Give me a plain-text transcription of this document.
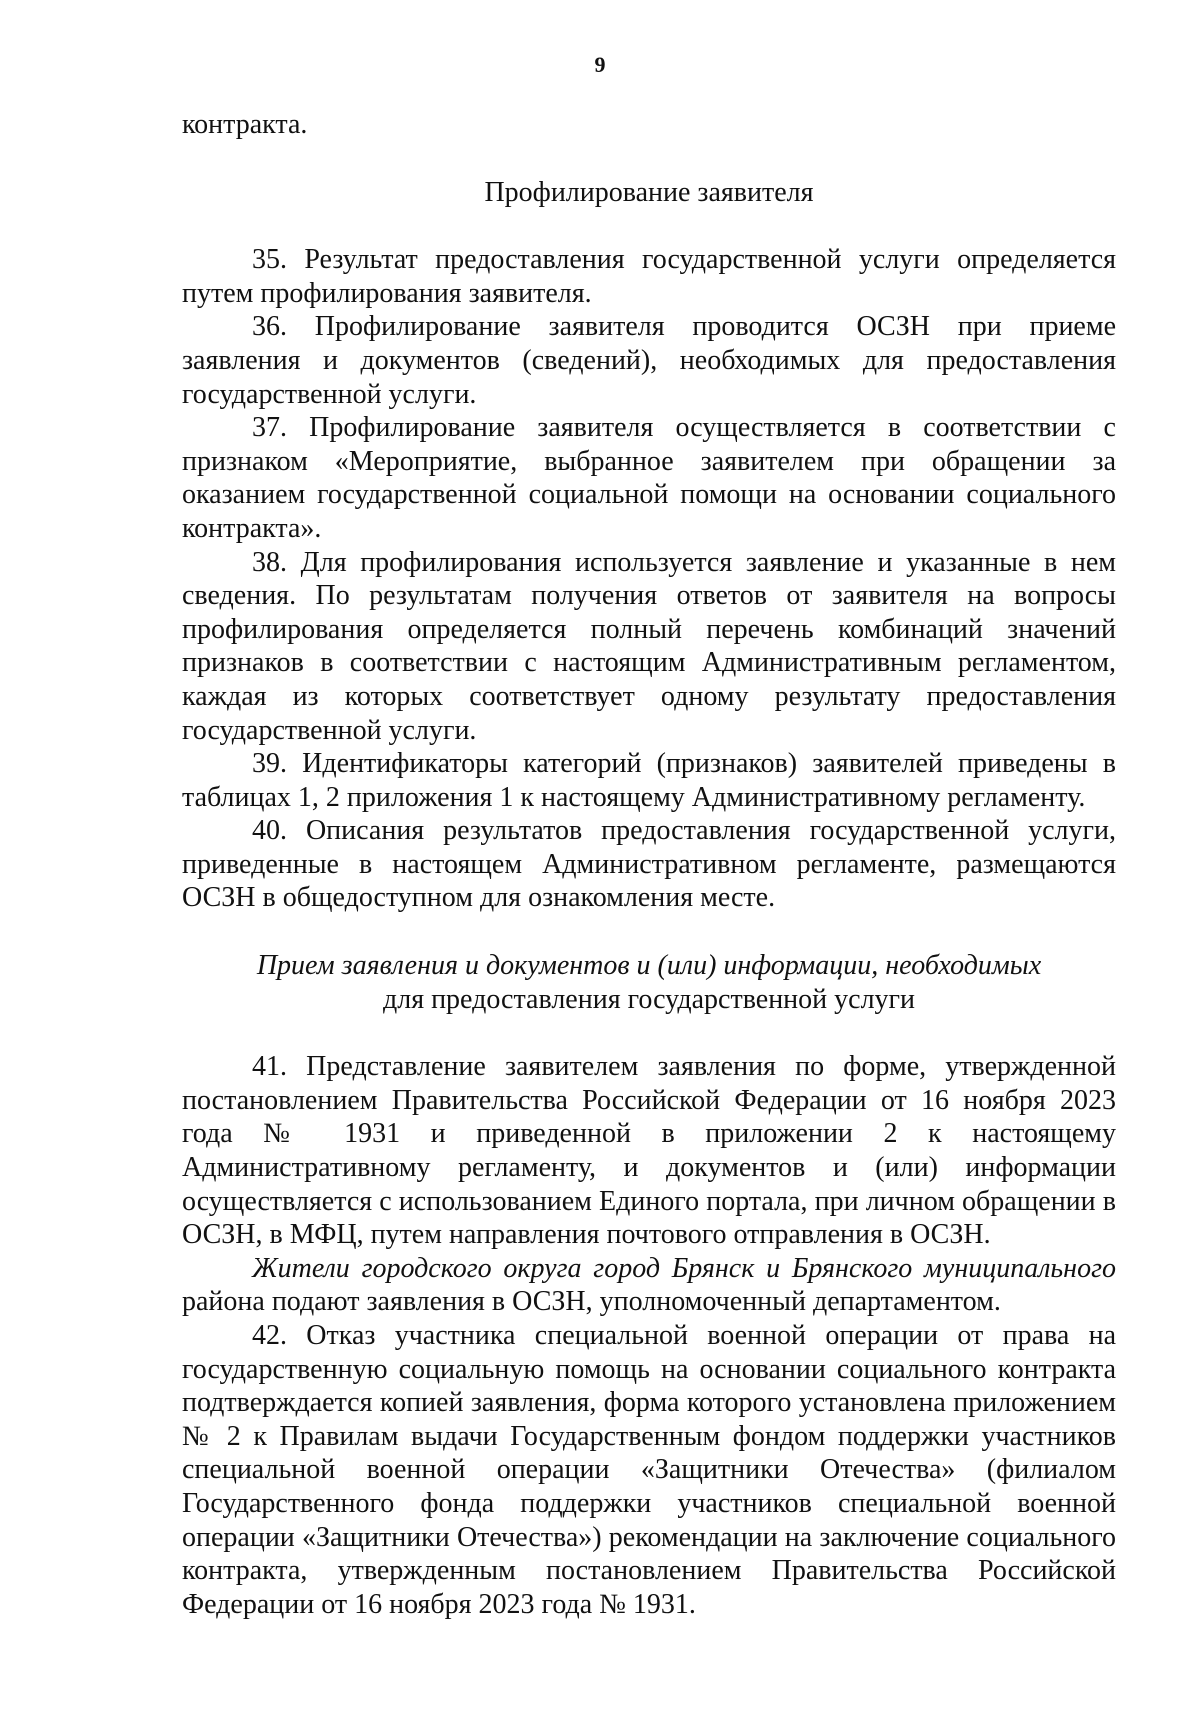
9

контракта.

Профилирование заявителя

35. Результат предоставления государственной услуги определяется путем профилирования заявителя.

36. Профилирование заявителя проводится ОСЗН при приеме заявления и документов (сведений), необходимых для предоставления государственной услуги.

37. Профилирование заявителя осуществляется в соответствии с признаком «Мероприятие, выбранное заявителем при обращении за оказанием государственной социальной помощи на основании социального контракта».

38. Для профилирования используется заявление и указанные в нем сведения. По результатам получения ответов от заявителя на вопросы профилирования определяется полный перечень комбинаций значений признаков в соответствии с настоящим Административным регламентом, каждая из которых соответствует одному результату предоставления государственной услуги.

39. Идентификаторы категорий (признаков) заявителей приведены в таблицах 1, 2 приложения 1 к настоящему Административному регламенту.

40. Описания результатов предоставления государственной услуги, приведенные в настоящем Административном регламенте, размещаются ОСЗН в общедоступном для ознакомления месте.

Прием заявления и документов и (или) информации, необходимых
для предоставления государственной услуги

41. Представление заявителем заявления по форме, утвержденной постановлением Правительства Российской Федерации от 16 ноября 2023 года № 1931 и приведенной в приложении 2 к настоящему Административному регламенту, и документов и (или) информации осуществляется с использованием Единого портала, при личном обращении в ОСЗН, в МФЦ, путем направления почтового отправления в ОСЗН.

Жители городского округа город Брянск и Брянского муниципального района подают заявления в ОСЗН, уполномоченный департаментом.

42. Отказ участника специальной военной операции от права на государственную социальную помощь на основании социального контракта подтверждается копией заявления, форма которого установлена приложением № 2 к Правилам выдачи Государственным фондом поддержки участников специальной военной операции «Защитники Отечества» (филиалом Государственного фонда поддержки участников специальной военной операции «Защитники Отечества») рекомендации на заключение социального контракта, утвержденным постановлением Правительства Российской Федерации от 16 ноября 2023 года № 1931.
